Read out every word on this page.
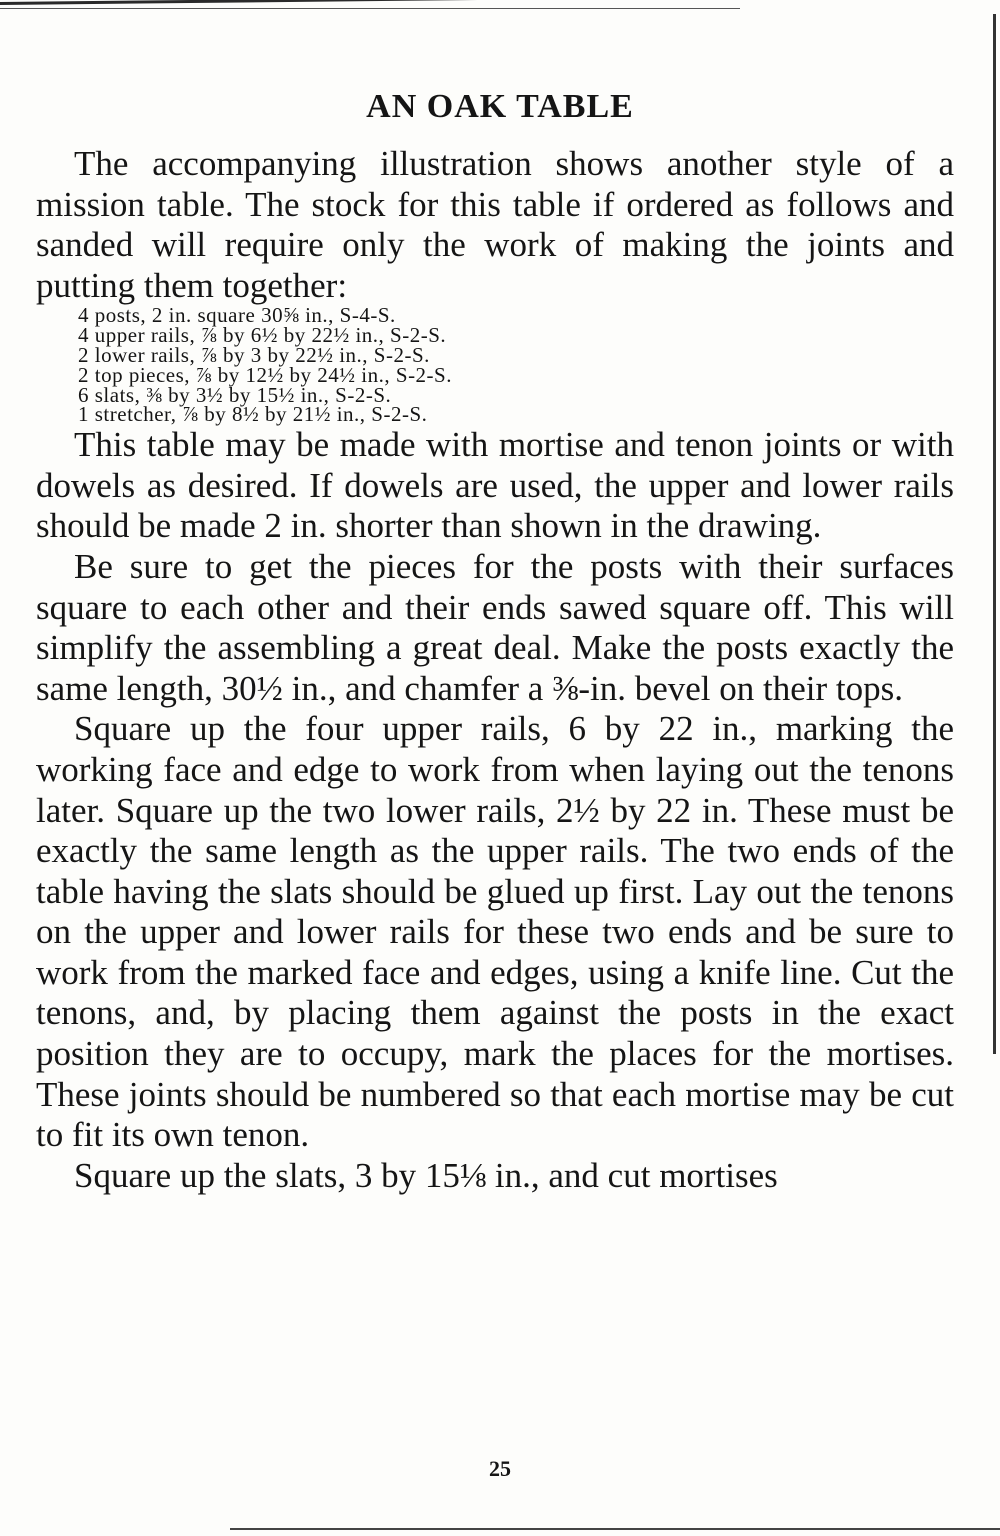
AN OAK TABLE

The accompanying illustration shows another style of a mission table. The stock for this table if ordered as follows and sanded will require only the work of making the joints and putting them together:

4 posts, 2 in. square 30⅝ in., S-4-S.
4 upper rails, ⅞ by 6½ by 22½ in., S-2-S.
2 lower rails, ⅞ by 3 by 22½ in., S-2-S.
2 top pieces, ⅞ by 12½ by 24½ in., S-2-S.
6 slats, ⅜ by 3½ by 15½ in., S-2-S.
1 stretcher, ⅞ by 8½ by 21½ in., S-2-S.

This table may be made with mortise and tenon joints or with dowels as desired. If dowels are used, the upper and lower rails should be made 2 in. shorter than shown in the drawing.

Be sure to get the pieces for the posts with their surfaces square to each other and their ends sawed square off. This will simplify the assembling a great deal. Make the posts exactly the same length, 30½ in., and chamfer a ⅜-in. bevel on their tops.

Square up the four upper rails, 6 by 22 in., marking the working face and edge to work from when laying out the tenons later. Square up the two lower rails, 2½ by 22 in. These must be exactly the same length as the upper rails. The two ends of the table having the slats should be glued up first. Lay out the tenons on the upper and lower rails for these two ends and be sure to work from the marked face and edges, using a knife line. Cut the tenons, and, by placing them against the posts in the exact position they are to occupy, mark the places for the mortises. These joints should be numbered so that each mortise may be cut to fit its own tenon.

Square up the slats, 3 by 15⅛ in., and cut mortises

25
